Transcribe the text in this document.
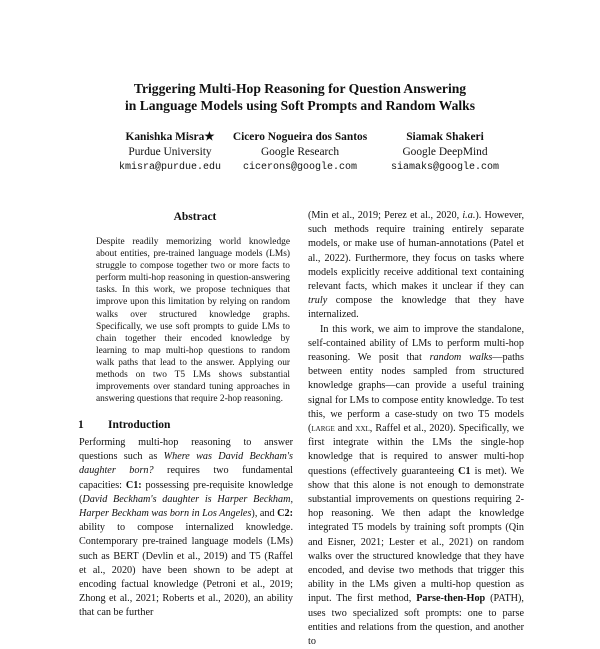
Triggering Multi-Hop Reasoning for Question Answering
in Language Models using Soft Prompts and Random Walks
Kanishka Misra★
Purdue University
kmisra@purdue.edu
Cicero Nogueira dos Santos
Google Research
cicerons@google.com
Siamak Shakeri
Google DeepMind
siamaks@google.com
Abstract
Despite readily memorizing world knowledge about entities, pre-trained language models (LMs) struggle to compose together two or more facts to perform multi-hop reasoning in question-answering tasks. In this work, we propose techniques that improve upon this limitation by relying on random walks over structured knowledge graphs. Specifically, we use soft prompts to guide LMs to chain together their encoded knowledge by learning to map multi-hop questions to random walk paths that lead to the answer. Applying our methods on two T5 LMs shows substantial improvements over standard tuning approaches in answering questions that require 2-hop reasoning.
1 Introduction

Performing multi-hop reasoning to answer questions such as Where was David Beckham's daughter born? requires two fundamental capacities: C1: possessing pre-requisite knowledge (David Beckham's daughter is Harper Beckham, Harper Beckham was born in Los Angeles), and C2: ability to compose internalized knowledge. Contemporary pre-trained language models (LMs) such as BERT (Devlin et al., 2019) and T5 (Raffel et al., 2020) have been shown to be adept at encoding factual knowledge (Petroni et al., 2019; Zhong et al., 2021; Roberts et al., 2020), an ability that can be further

(Min et al., 2019; Perez et al., 2020, i.a.). However, such methods require training entirely separate models, or make use of human-annotations (Patel et al., 2022). Furthermore, they focus on tasks where models explicitly receive additional text containing relevant facts, which makes it unclear if they can truly compose the knowledge that they have internalized.

In this work, we aim to improve the standalone, self-contained ability of LMs to perform multi-hop reasoning. We posit that random walks—paths between entity nodes sampled from structured knowledge graphs—can provide a useful training signal for LMs to compose entity knowledge. To test this, we perform a case-study on two T5 models (large and xxl, Raffel et al., 2020). Specifically, we first integrate within the LMs the single-hop knowledge that is required to answer multi-hop questions (effectively guaranteeing C1 is met). We show that this alone is not enough to demonstrate substantial improvements on questions requiring 2-hop reasoning. We then adapt the knowledge integrated T5 models by training soft prompts (Qin and Eisner, 2021; Lester et al., 2021) on random walks over the structured knowledge that they have encoded, and devise two methods that trigger this ability in the LMs given a multi-hop question as input. The first method, Parse-then-Hop (PATH), uses two specialized soft prompts: one to parse entities and relations from the question, and another to
